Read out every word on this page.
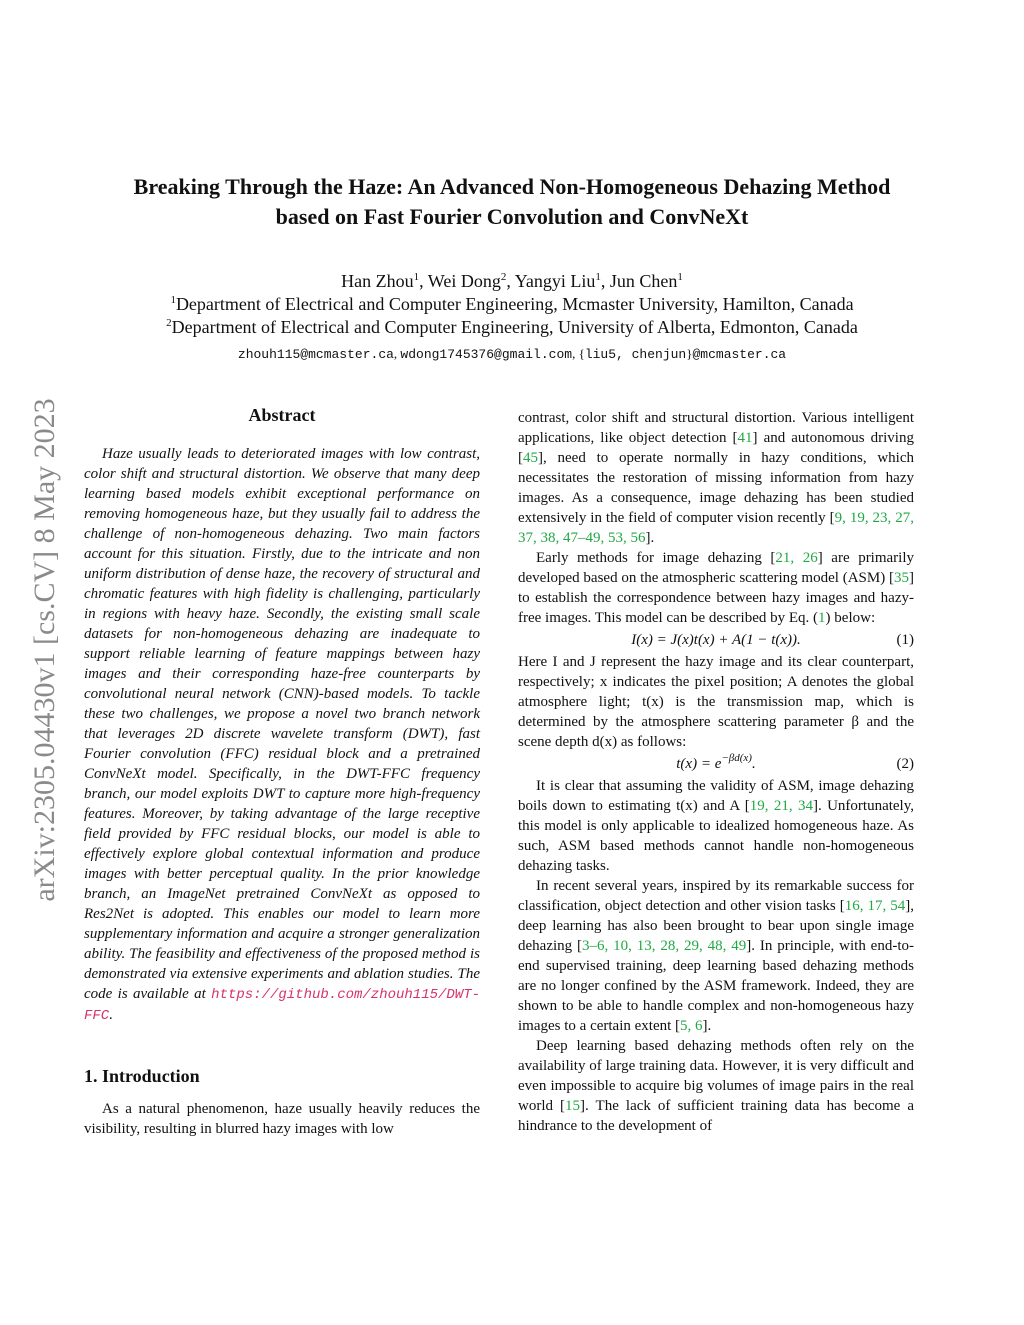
arXiv:2305.04430v1 [cs.CV] 8 May 2023
Breaking Through the Haze: An Advanced Non-Homogeneous Dehazing Method
based on Fast Fourier Convolution and ConvNeXt
Han Zhou$^1$, Wei Dong$^2$, Yangyi Liu$^1$, Jun Chen$^1$
$^1$Department of Electrical and Computer Engineering, Mcmaster University, Hamilton, Canada
$^2$Department of Electrical and Computer Engineering, University of Alberta, Edmonton, Canada
zhouh115@mcmaster.ca, wdong1745376@gmail.com, {liu5, chenjun}@mcmaster.ca
Abstract

Haze usually leads to deteriorated images with low contrast, color shift and structural distortion. We observe that many deep learning based models exhibit exceptional performance on removing homogeneous haze, but they usually fail to address the challenge of non-homogeneous dehazing. Two main factors account for this situation. Firstly, due to the intricate and non uniform distribution of dense haze, the recovery of structural and chromatic features with high fidelity is challenging, particularly in regions with heavy haze. Secondly, the existing small scale datasets for non-homogeneous dehazing are inadequate to support reliable learning of feature mappings between hazy images and their corresponding haze-free counterparts by convolutional neural network (CNN)-based models. To tackle these two challenges, we propose a novel two branch network that leverages 2D discrete wavelete transform (DWT), fast Fourier convolution (FFC) residual block and a pretrained ConvNeXt model. Specifically, in the DWT-FFC frequency branch, our model exploits DWT to capture more high-frequency features. Moreover, by taking advantage of the large receptive field provided by FFC residual blocks, our model is able to effectively explore global contextual information and produce images with better perceptual quality. In the prior knowledge branch, an ImageNet pretrained ConvNeXt as opposed to Res2Net is adopted. This enables our model to learn more supplementary information and acquire a stronger generalization ability. The feasibility and effectiveness of the proposed method is demonstrated via extensive experiments and ablation studies. The code is available at https://github.com/zhouh115/DWT-FFC.

1. Introduction

As a natural phenomenon, haze usually heavily reduces the visibility, resulting in blurred hazy images with low

contrast, color shift and structural distortion. Various intelligent applications, like object detection [41] and autonomous driving [45], need to operate normally in hazy conditions, which necessitates the restoration of missing information from hazy images. As a consequence, image dehazing has been studied extensively in the field of computer vision recently [9, 19, 23, 27, 37, 38, 47–49, 53, 56].

Early methods for image dehazing [21, 26] are primarily developed based on the atmospheric scattering model (ASM) [35] to establish the correspondence between hazy images and hazy-free images. This model can be described by Eq. (1) below:

I(x) = J(x)t(x) + A(1 − t(x)).	(1)

Here I and J represent the hazy image and its clear counterpart, respectively; x indicates the pixel position; A denotes the global atmosphere light; t(x) is the transmission map, which is determined by the atmosphere scattering parameter β and the scene depth d(x) as follows:

$t(x) = e^{-\beta d(x)}$.	(2)

It is clear that assuming the validity of ASM, image dehazing boils down to estimating t(x) and A [19, 21, 34]. Unfortunately, this model is only applicable to idealized homogeneous haze. As such, ASM based methods cannot handle non-homogeneous dehazing tasks.

In recent several years, inspired by its remarkable success for classification, object detection and other vision tasks [16, 17, 54], deep learning has also been brought to bear upon single image dehazing [3–6, 10, 13, 28, 29, 48, 49]. In principle, with end-to-end supervised training, deep learning based dehazing methods are no longer confined by the ASM framework. Indeed, they are shown to be able to handle complex and non-homogeneous hazy images to a certain extent [5, 6].

Deep learning based dehazing methods often rely on the availability of large training data. However, it is very difficult and even impossible to acquire big volumes of image pairs in the real world [15]. The lack of sufficient training data has become a hindrance to the development of
